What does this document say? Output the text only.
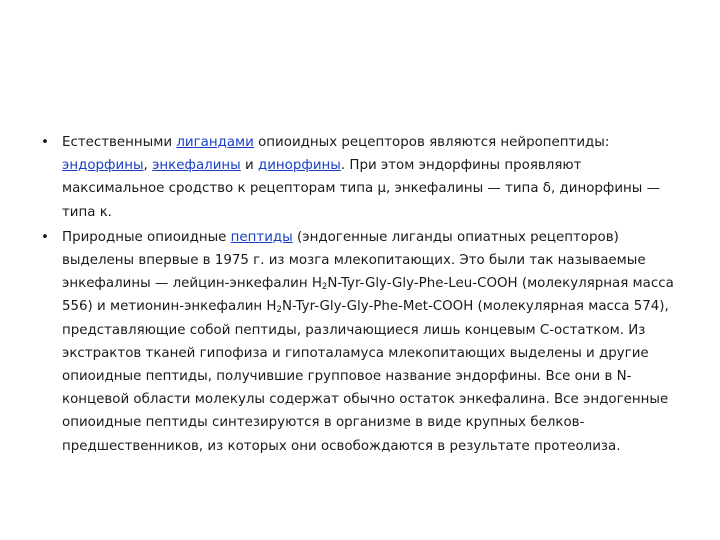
• Естественными лигандами опиоидных рецепторов являются нейропептиды:
эндорфины, энкефалины и динорфины. При этом эндорфины проявляют максимальное сродство к рецепторам типа μ, энкефалины — типа δ, динорфины — типа κ.
• Природные опиоидные пептиды (эндогенные лиганды опиатных рецепторов) выделены впервые в 1975 г. из мозга млекопитающих. Это были так называемые энкефалины — лейцин-энкефалин $H_2N-Tyr-Gly-Gly-Phe-Leu$-COOH (молекулярная масса 556) и метионин-энкефалин $H_2N-Tyr-Gly-Gly-Phe-Met$-COOH (молекулярная масса 574), представляющие собой пептиды, различающиеся лишь концевым С-остатком. Из экстрактов тканей гипофиза и гипоталамуса млекопитающих выделены и другие опиоидные пептиды, получившие групповое название эндорфины. Все они в N-концевой области молекулы содержат обычно остаток энкефалина. Все эндогенные опиоидные пептиды синтезируются в организме в виде крупных белков-предшественников, из которых они освобождаются в результате протеолиза.
